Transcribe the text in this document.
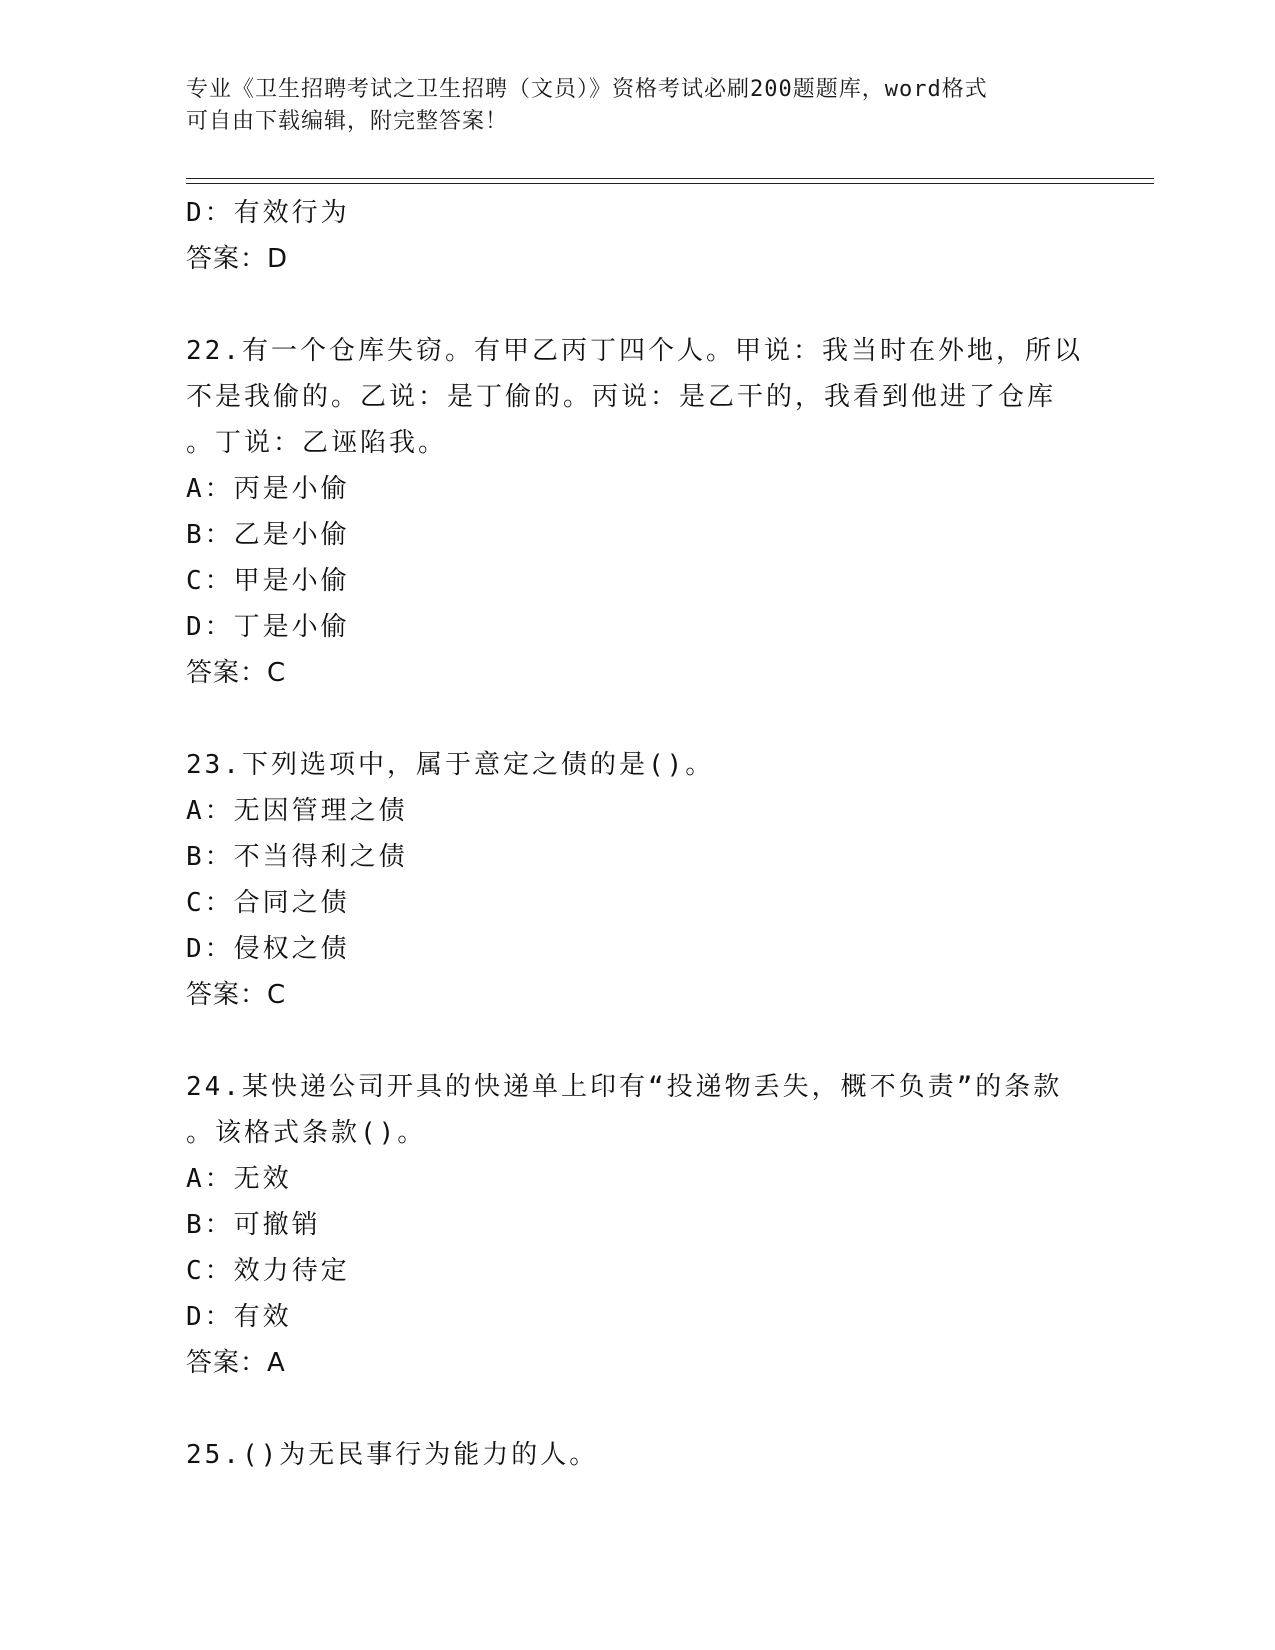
专业《卫生招聘考试之卫生招聘（文员）》资格考试必刷200题题库，word格式
可自由下载编辑，附完整答案！
D：有效行为
答案：D
22.有一个仓库失窃。有甲乙丙丁四个人。甲说：我当时在外地，所以
不是我偷的。乙说：是丁偷的。丙说：是乙干的，我看到他进了仓库
。丁说：乙诬陷我。
A：丙是小偷
B：乙是小偷
C：甲是小偷
D：丁是小偷
答案：C
23.下列选项中，属于意定之债的是()。
A：无因管理之债
B：不当得利之债
C：合同之债
D：侵权之债
答案：C
24.某快递公司开具的快递单上印有“投递物丢失，概不负责”的条款
。该格式条款()。
A：无效
B：可撤销
C：效力待定
D：有效
答案：A
25.()为无民事行为能力的人。
